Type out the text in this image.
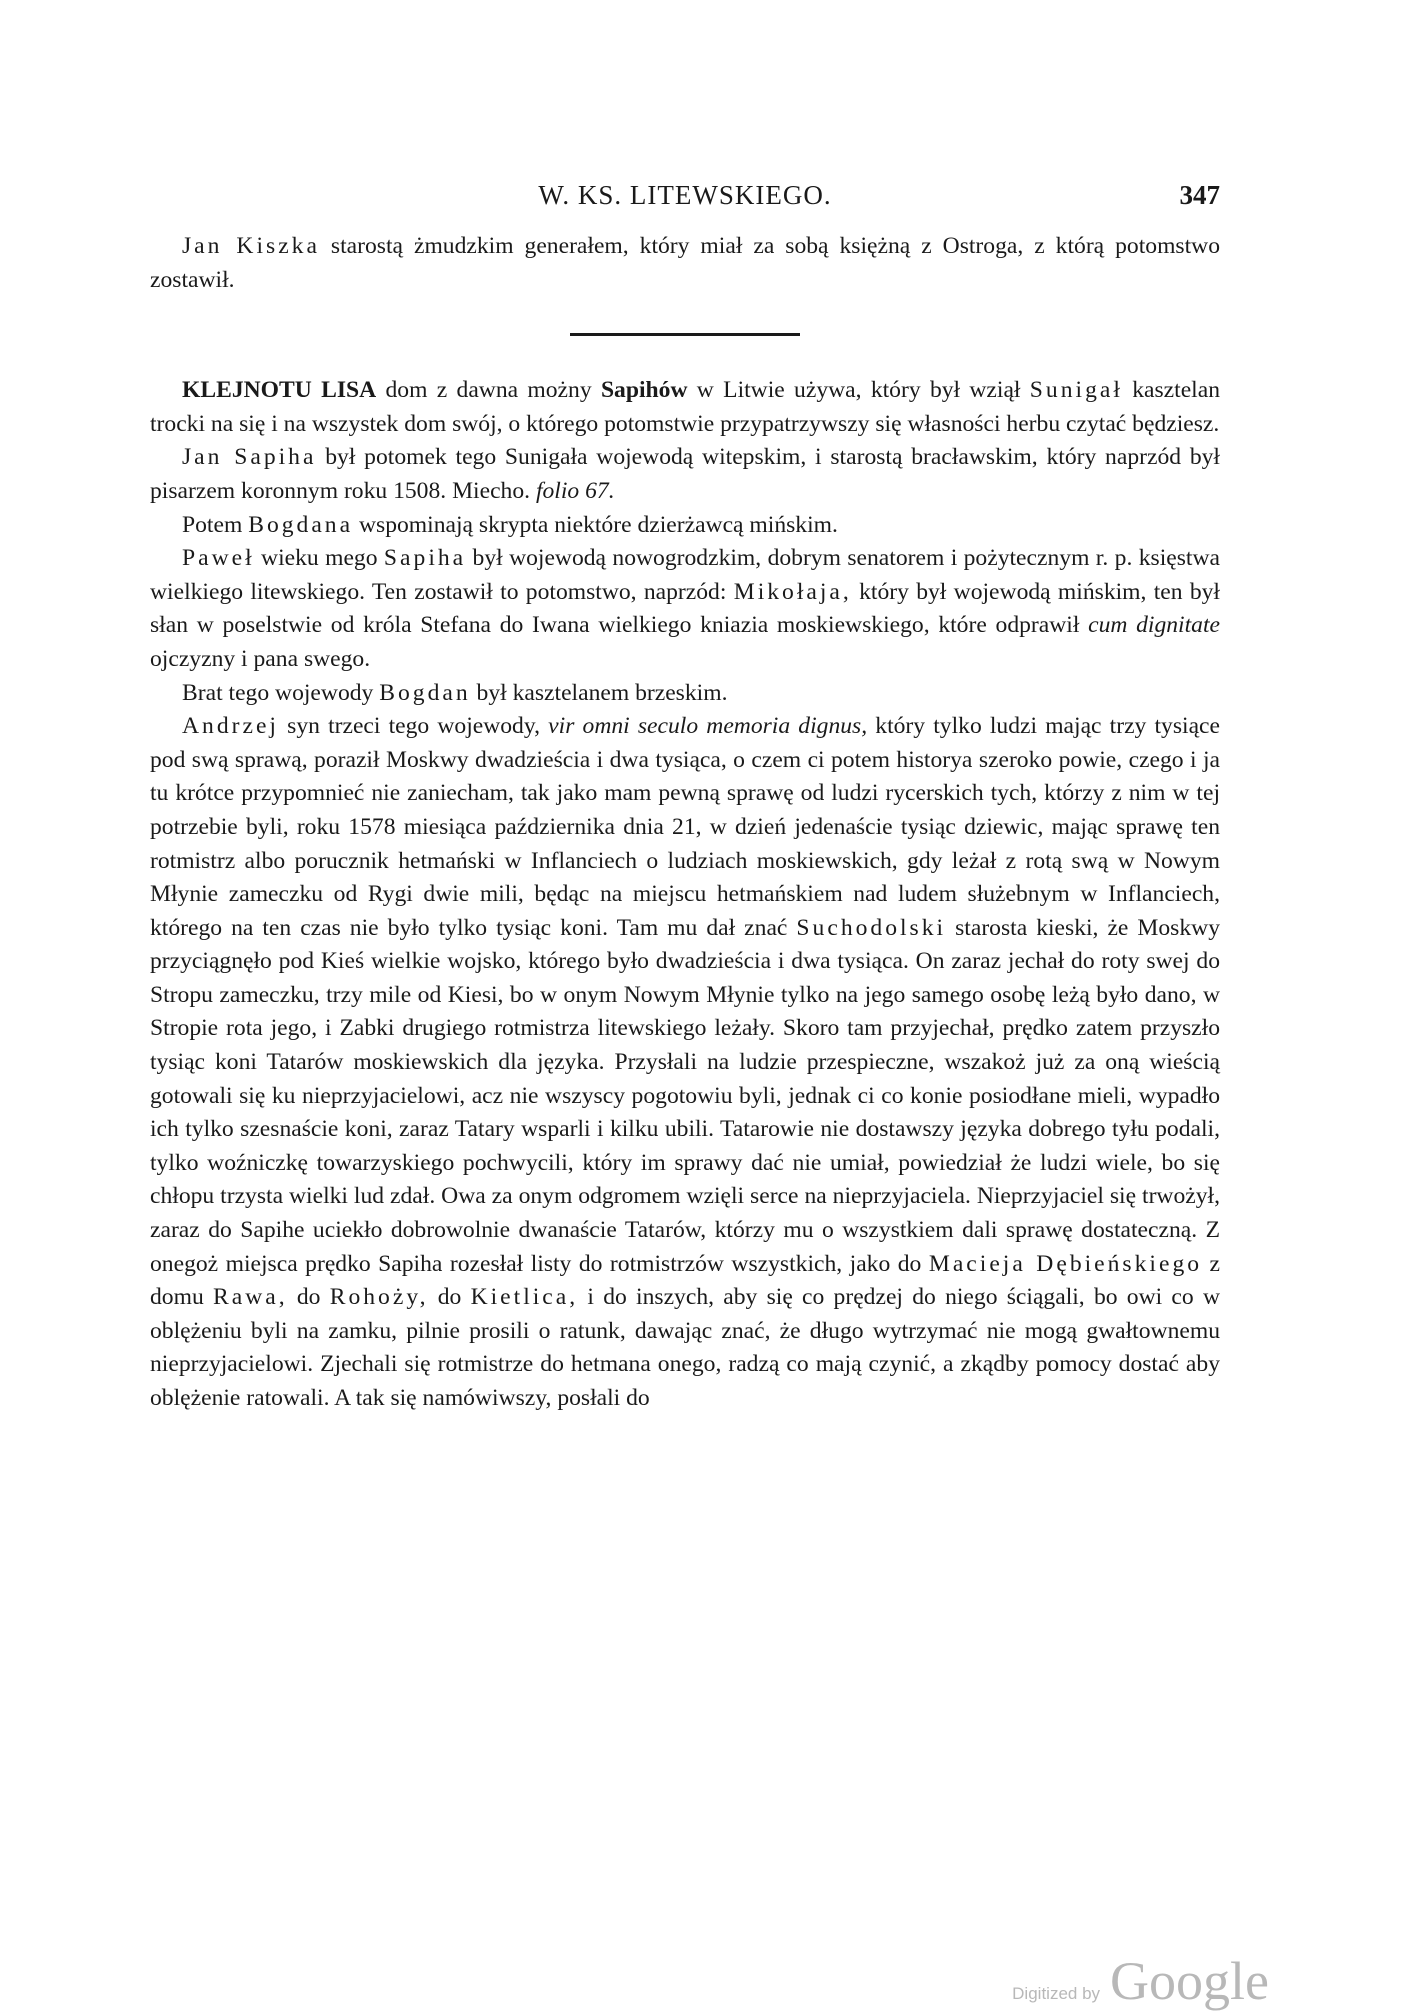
W. KS. LITEWSKIEGO.	347

Jan Kiszka starostą żmudzkim generałem, który miał za sobą księżną z Ostroga, z którą potomstwo zostawił.

KLEJNOTU LISA dom z dawna możny Sapihów w Litwie używa, który był wziął Sunigał kasztelan trocki na się i na wszystek dom swój, o którego potomstwie przypatrzywszy się własności herbu czytać będziesz.

Jan Sapiha był potomek tego Sunigała wojewodą witepskim, i starostą bracławskim, który naprzód był pisarzem koronnym roku 1508. Miecho. folio 67.

Potem Bogdana wspominają skrypta niektóre dzierżawcą mińskim.

Paweł wieku mego Sapiha był wojewodą nowogrodzkim, dobrym senatorem i pożytecznym r. p. księstwa wielkiego litewskiego. Ten zostawił to potomstwo, naprzód: Mikołaja, który był wojewodą mińskim, ten był słan w poselstwie od króla Stefana do Iwana wielkiego kniazia moskiewskiego, które odprawił cum dignitate ojczyzny i pana swego.

Brat tego wojewody Bogdan był kasztelanem brzeskim.

Andrzej syn trzeci tego wojewody, vir omni seculo memoria dignus, który tylko ludzi mając trzy tysiące pod swą sprawą, poraził Moskwy dwadzieścia i dwa tysiąca, o czem ci potem historya szeroko powie, czego i ja tu krótce przypomnieć nie zaniecham, tak jako mam pewną sprawę od ludzi rycerskich tych, którzy z nim w tej potrzebie byli, roku 1578 miesiąca października dnia 21, w dzień jedenaście tysiąc dziewic, mając sprawę ten rotmistrz albo porucznik hetmański w Inflanciech o ludziach moskiewskich, gdy leżał z rotą swą w Nowym Młynie zameczku od Rygi dwie mili, będąc na miejscu hetmańskiem nad ludem służebnym w Inflanciech, którego na ten czas nie było tylko tysiąc koni. Tam mu dał znać Suchodolski starosta kieski, że Moskwy przyciągnęło pod Kieś wielkie wojsko, którego było dwadzieścia i dwa tysiąca. On zaraz jechał do roty swej do Stropu zameczku, trzy mile od Kiesi, bo w onym Nowym Młynie tylko na jego samego osobę leżą było dano, w Stropie rota jego, i Zabki drugiego rotmistrza litewskiego leżały. Skoro tam przyjechał, prędko zatem przyszło tysiąc koni Tatarów moskiewskich dla języka. Przysłali na ludzie przespieczne, wszakoż już za oną wieścią gotowali się ku nieprzyjacielowi, acz nie wszyscy pogotowiu byli, jednak ci co konie posiodłane mieli, wypadło ich tylko szesnaście koni, zaraz Tatary wsparli i kilku ubili. Tatarowie nie dostawszy języka dobrego tyłu podali, tylko woźniczkę towarzyskiego pochwycili, który im sprawy dać nie umiał, powiedział że ludzi wiele, bo się chłopu trzysta wielki lud zdał. Owa za onym odgromem wzięli serce na nieprzyjaciela. Nieprzyjaciel się trwożył, zaraz do Sapihe uciekło dobrowolnie dwanaście Tatarów, którzy mu o wszystkiem dali sprawę dostateczną. Z onegoż miejsca prędko Sapiha rozesłał listy do rotmistrzów wszystkich, jako do Macieja Dębieńskiego z domu Rawa, do Rohoży, do Kietlica, i do inszych, aby się co prędzej do niego ściągali, bo owi co w oblężeniu byli na zamku, pilnie prosili o ratunk, dawając znać, że długo wytrzymać nie mogą gwałtownemu nieprzyjacielowi. Zjechali się rotmistrze do hetmana onego, radzą co mają czynić, a zkądby pomocy dostać aby oblężenie ratowali. A tak się namówiwszy, posłali do

Digitized by Google
